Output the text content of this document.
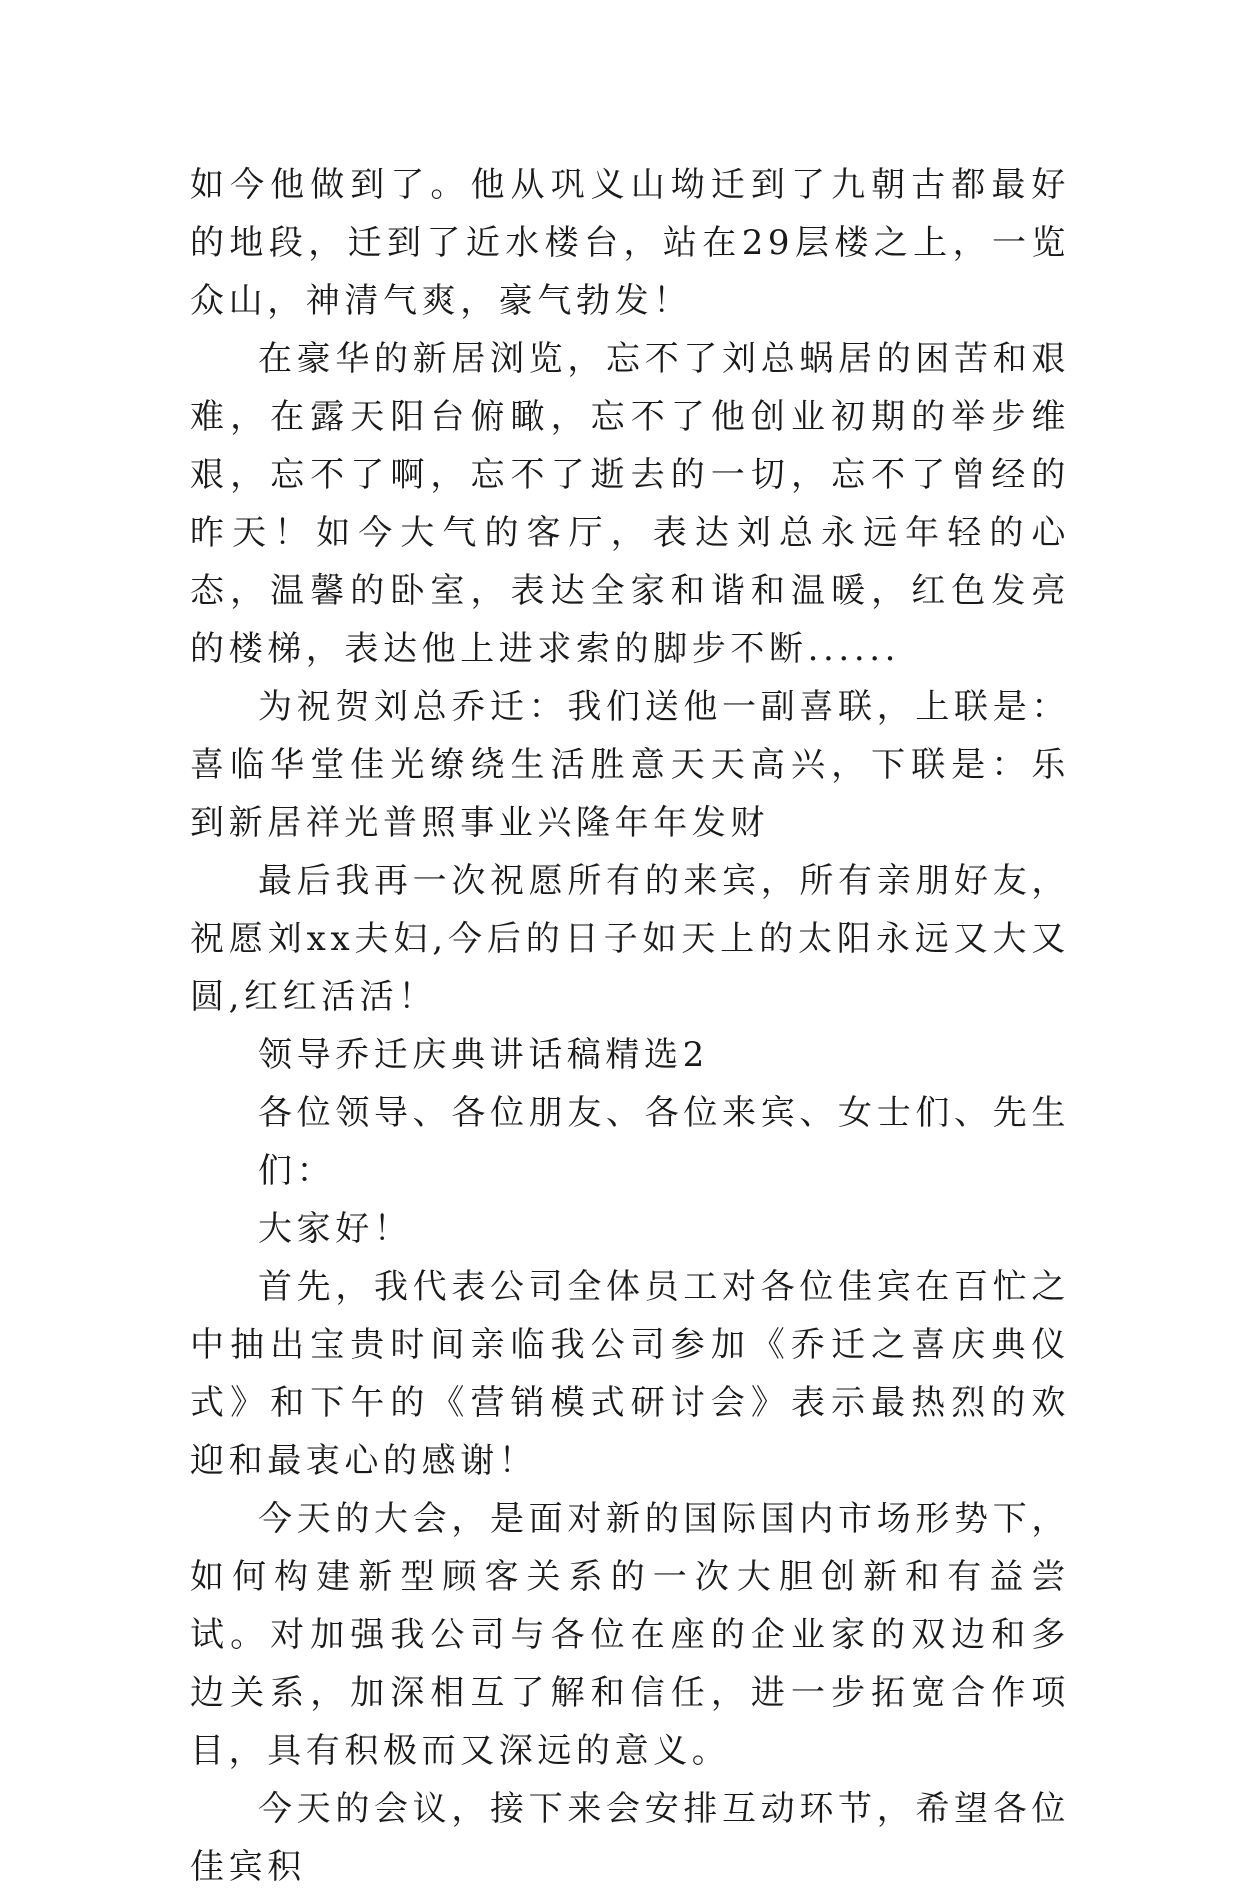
如今他做到了。他从巩义山坳迁到了九朝古都最好的地段，迁到了近水楼台，站在29层楼之上，一览众山，神清气爽，豪气勃发！

在豪华的新居浏览，忘不了刘总蜗居的困苦和艰难，在露天阳台俯瞰，忘不了他创业初期的举步维艰，忘不了啊，忘不了逝去的一切，忘不了曾经的昨天！如今大气的客厅，表达刘总永远年轻的心态，温馨的卧室，表达全家和谐和温暖，红色发亮的楼梯，表达他上进求索的脚步不断......

为祝贺刘总乔迁：我们送他一副喜联，上联是：喜临华堂佳光缭绕生活胜意天天高兴，下联是：乐到新居祥光普照事业兴隆年年发财

最后我再一次祝愿所有的来宾，所有亲朋好友，祝愿刘xx夫妇,今后的日子如天上的太阳永远又大又圆,红红活活！

领导乔迁庆典讲话稿精选2

各位领导、各位朋友、各位来宾、女士们、先生们：

大家好！

首先，我代表公司全体员工对各位佳宾在百忙之中抽出宝贵时间亲临我公司参加《乔迁之喜庆典仪式》和下午的《营销模式研讨会》表示最热烈的欢迎和最衷心的感谢！

今天的大会，是面对新的国际国内市场形势下，如何构建新型顾客关系的一次大胆创新和有益尝试。对加强我公司与各位在座的企业家的双边和多边关系，加深相互了解和信任，进一步拓宽合作项目，具有积极而又深远的意义。

今天的会议，接下来会安排互动环节，希望各位佳宾积
